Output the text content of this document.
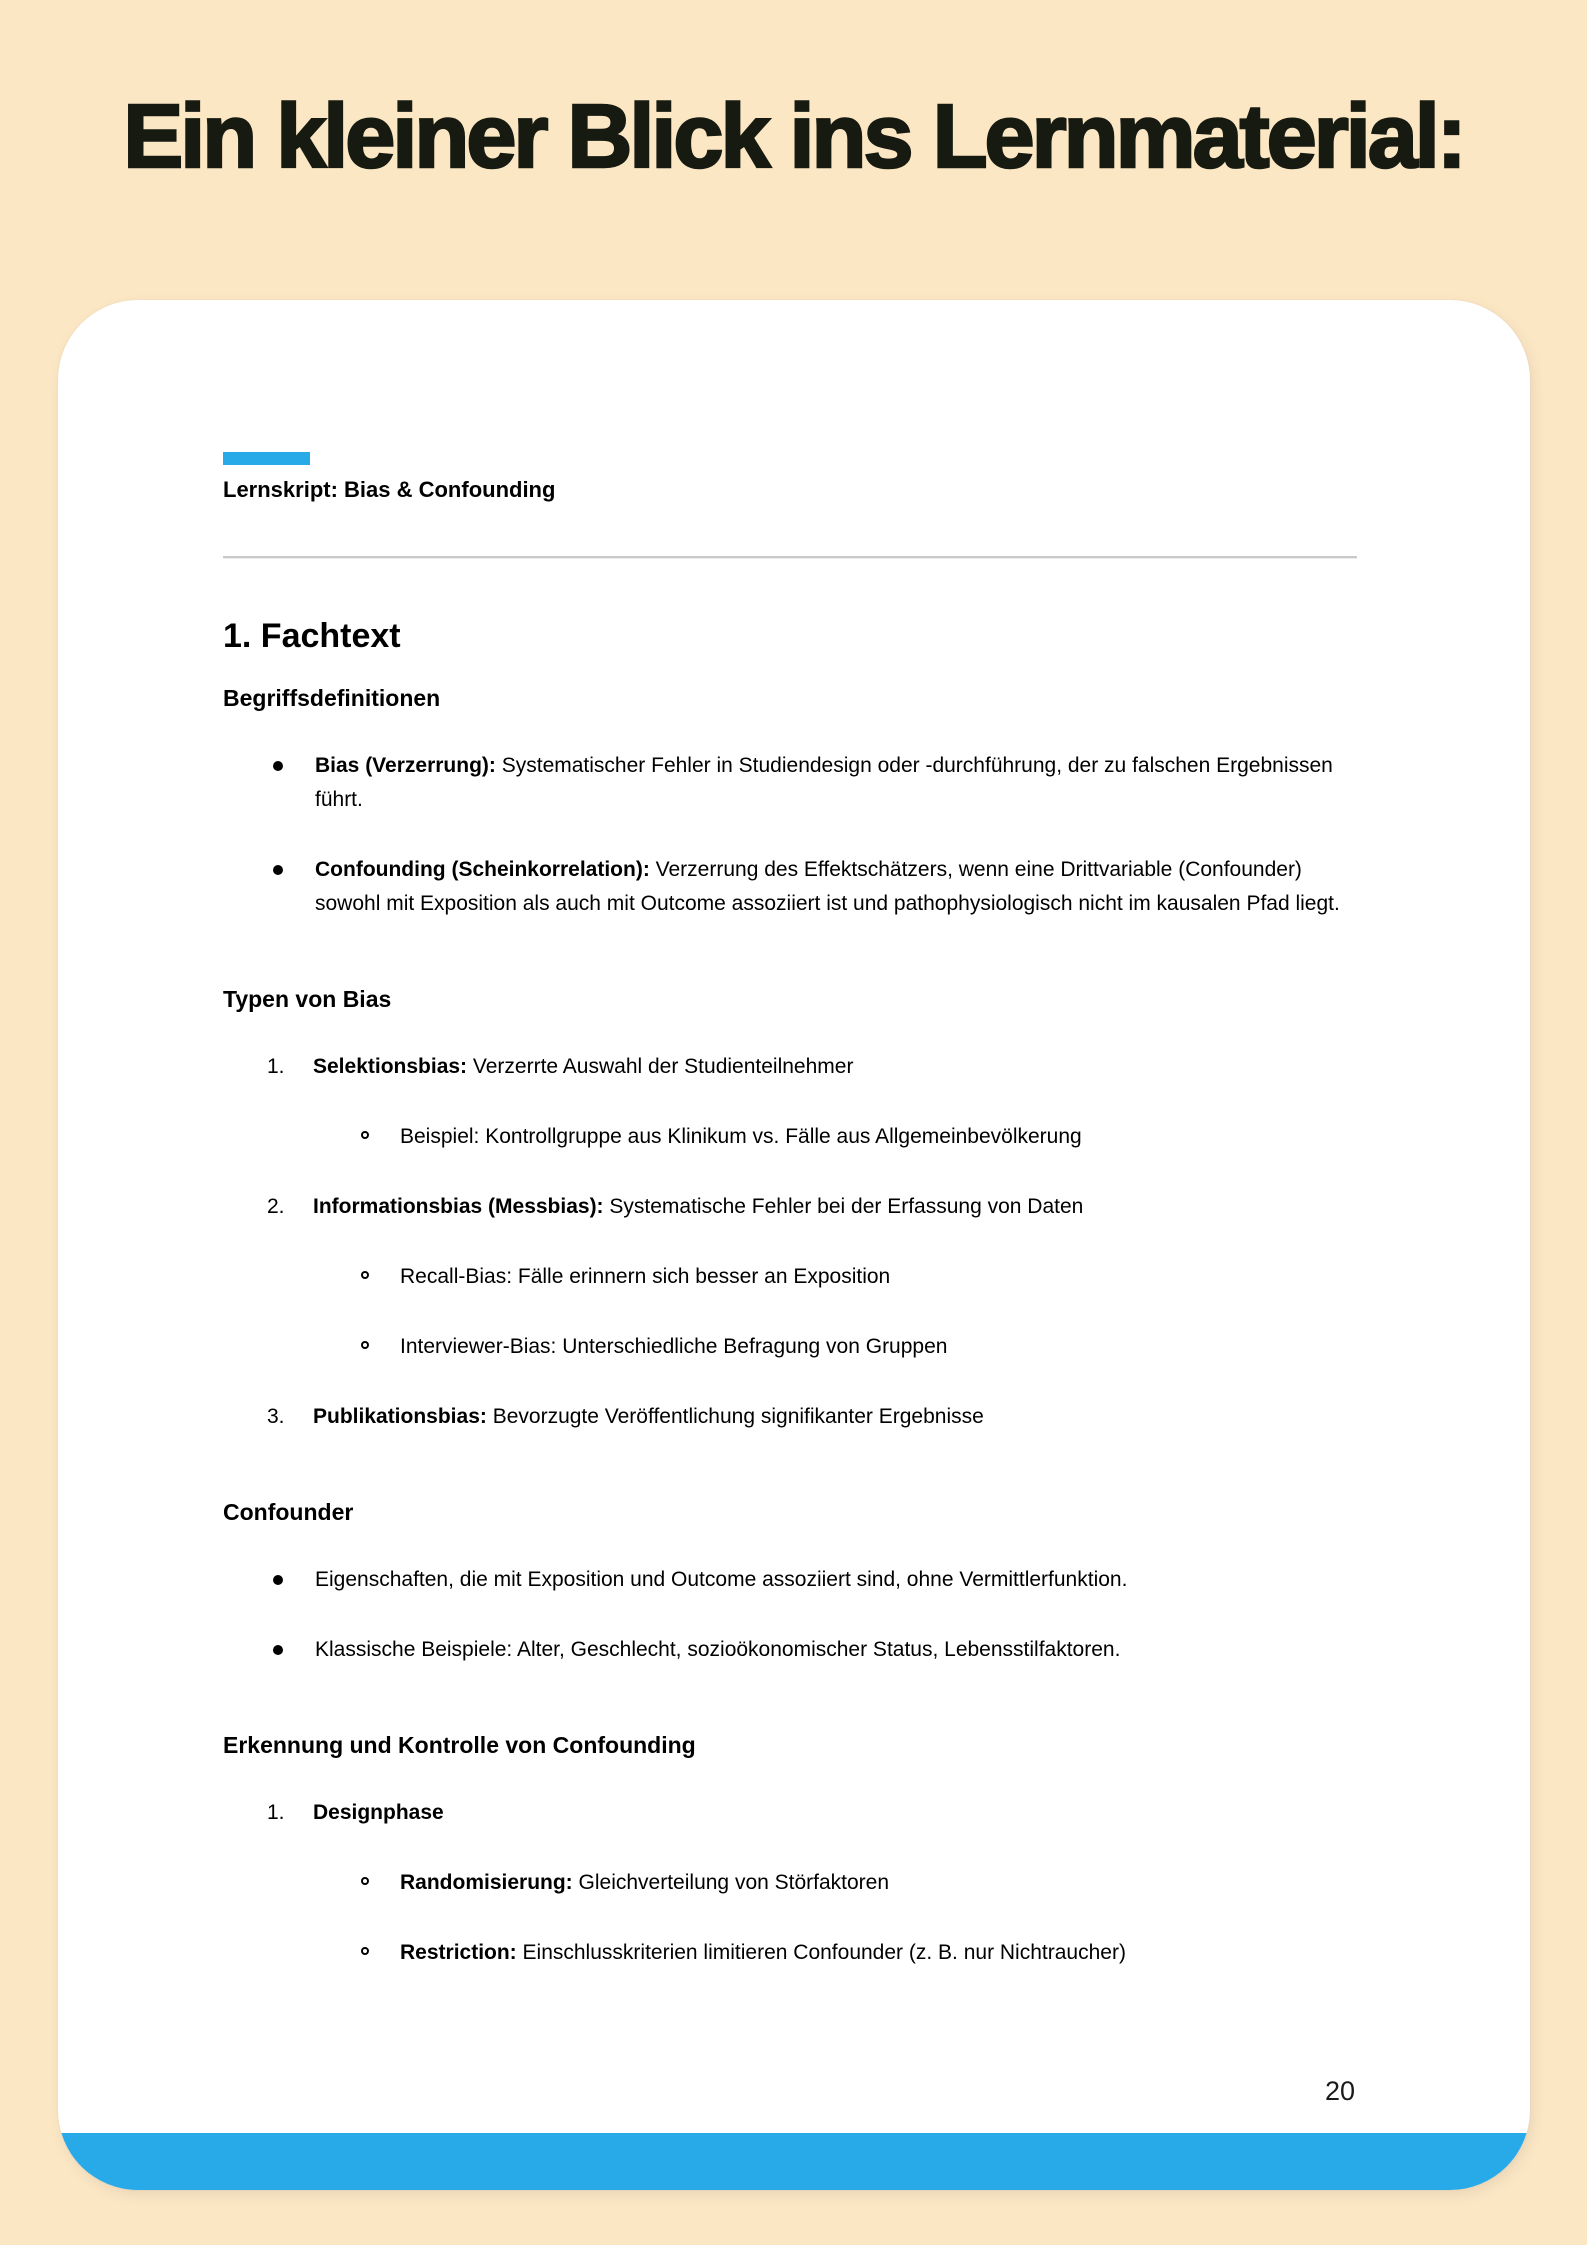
Ein kleiner Blick ins Lernmaterial:
Lernskript: Bias & Confounding
1. Fachtext
Begriffsdefinitionen
Bias (Verzerrung): Systematischer Fehler in Studiendesign oder -durchführung, der zu falschen Ergebnissen führt.
Confounding (Scheinkorrelation): Verzerrung des Effektschätzers, wenn eine Drittvariable (Confounder) sowohl mit Exposition als auch mit Outcome assoziiert ist und pathophysiologisch nicht im kausalen Pfad liegt.
Typen von Bias
1. Selektionsbias: Verzerrte Auswahl der Studienteilnehmer
Beispiel: Kontrollgruppe aus Klinikum vs. Fälle aus Allgemeinbevölkerung
2. Informationsbias (Messbias): Systematische Fehler bei der Erfassung von Daten
Recall-Bias: Fälle erinnern sich besser an Exposition
Interviewer-Bias: Unterschiedliche Befragung von Gruppen
3. Publikationsbias: Bevorzugte Veröffentlichung signifikanter Ergebnisse
Confounder
Eigenschaften, die mit Exposition und Outcome assoziiert sind, ohne Vermittlerfunktion.
Klassische Beispiele: Alter, Geschlecht, sozioökonomischer Status, Lebensstilfaktoren.
Erkennung und Kontrolle von Confounding
1. Designphase
Randomisierung: Gleichverteilung von Störfaktoren
Restriction: Einschlusskriterien limitieren Confounder (z. B. nur Nichtraucher)
20
